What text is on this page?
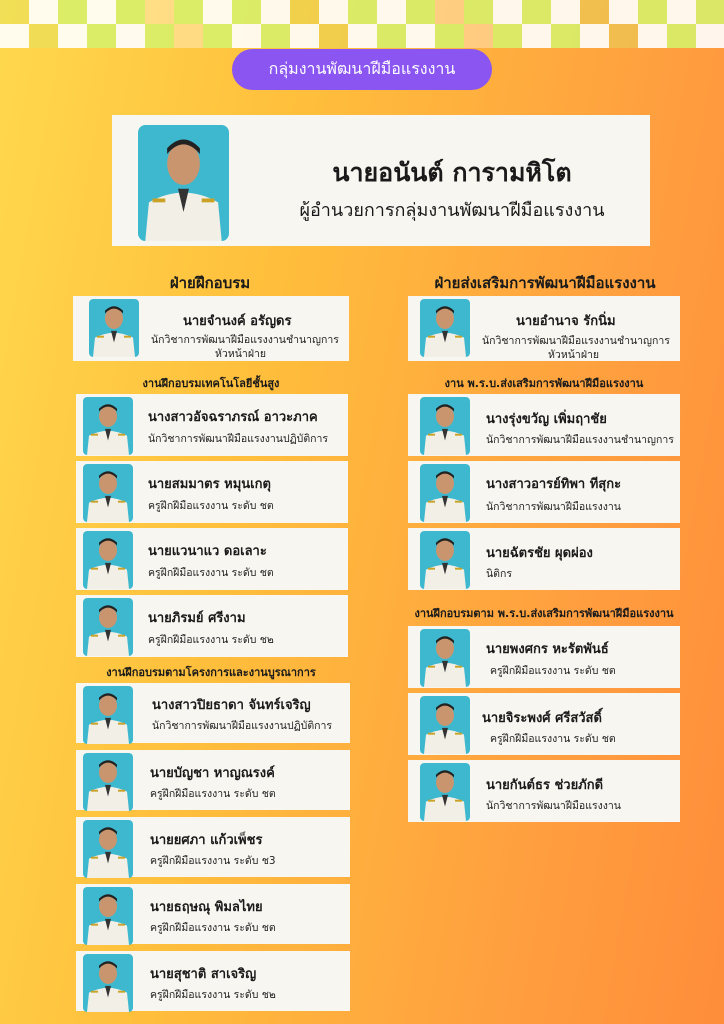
กลุ่มงานพัฒนาฝีมือแรงงาน
นายอนันต์ การามหิโต
ผู้อำนวยการกลุ่มงานพัฒนาฝีมือแรงงาน
ฝ่ายฝึกอบรม	ฝ่ายส่งเสริมการพัฒนาฝีมือแรงงาน
นายจำนงค์ อรัญดร
นักวิชาการพัฒนาฝีมือแรงงานชำนาญการ
หัวหน้าฝ่าย
งานฝึกอบรมเทคโนโลยีชั้นสูง
นางสาวอัจฉราภรณ์ อาวะภาค
นักวิชาการพัฒนาฝีมือแรงงานปฏิบัติการ
นายสมมาตร หมุนเกตุ
ครูฝึกฝีมือแรงงาน ระดับ ชต
นายแวนาแว ดอเลาะ
ครูฝึกฝีมือแรงงาน ระดับ ชต
นายภิรมย์ ศรีงาม
ครูฝึกฝีมือแรงงาน ระดับ ช๒
งานฝึกอบรมตามโครงการและงานบูรณาการ
นางสาวปิยธาดา จันทร์เจริญ
นักวิชาการพัฒนาฝีมือแรงงานปฏิบัติการ
นายบัญชา หาญณรงค์
ครูฝึกฝีมือแรงงาน ระดับ ชต
นายยศภา แก้วเพ็ชร
ครูฝึกฝีมือแรงงาน ระดับ ช3
นายธฤษณุ พิมลไทย
ครูฝึกฝีมือแรงงาน ระดับ ชต
นายสุชาติ สาเจริญ
ครูฝึกฝีมือแรงงาน ระดับ ช๒
นายอำนาจ รักนิ่ม
นักวิชาการพัฒนาฝีมือแรงงานชำนาญการ
หัวหน้าฝ่าย
งาน พ.ร.บ.ส่งเสริมการพัฒนาฝีมือแรงงาน
นางรุ่งขวัญ เพิ่มฤาชัย
นักวิชาการพัฒนาฝีมือแรงงานชำนาญการ
นางสาวอารย์ทิพา ทีสุกะ
นักวิชาการพัฒนาฝีมือแรงงาน
นายฉัตรชัย ผุดผ่อง
นิติกร
งานฝึกอบรมตาม พ.ร.บ.ส่งเสริมการพัฒนาฝีมือแรงงาน
นายพงศกร หะรัตพันธ์
ครูฝึกฝีมือแรงงาน ระดับ ชต
นายจิระพงศ์ ศรีสวัสดิ์
ครูฝึกฝีมือแรงงาน ระดับ ชต
นายกันต์ธร ช่วยภักดี
นักวิชาการพัฒนาฝีมือแรงงาน
